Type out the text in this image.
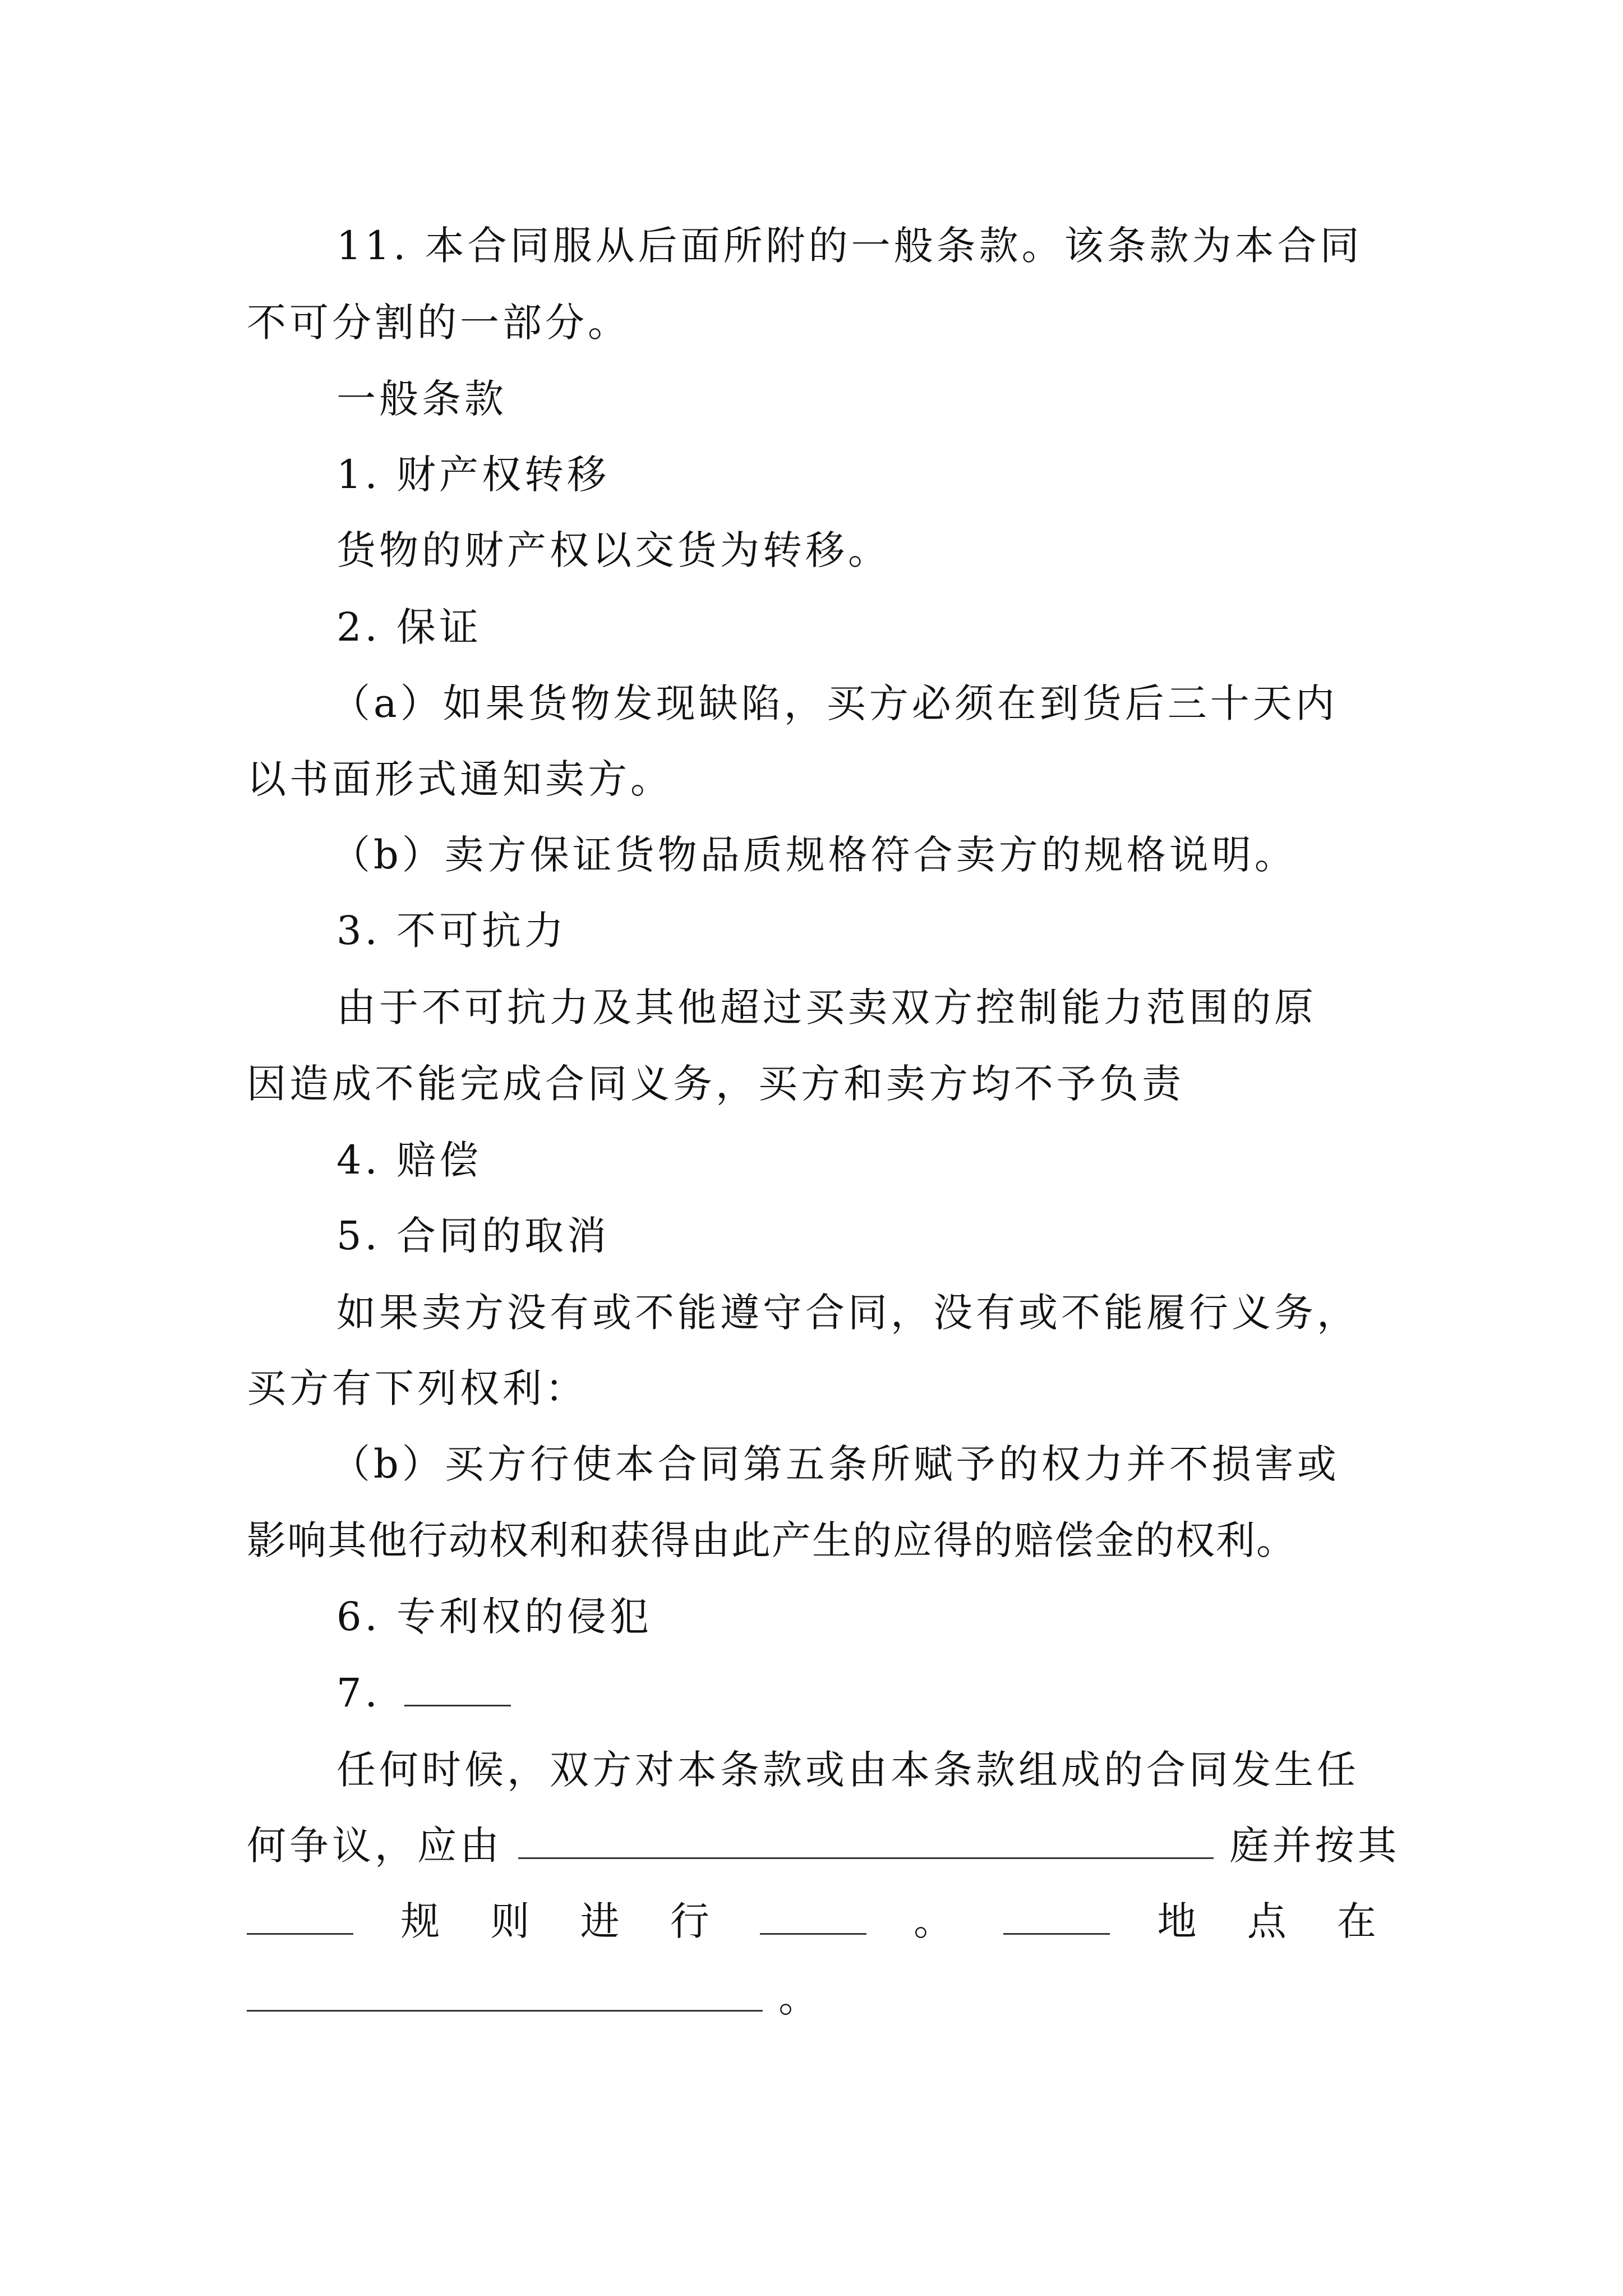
11. 本合同服从后面所附的一般条款。该条款为本合同
不可分割的一部分。
一般条款
1. 财产权转移
货物的财产权以交货为转移。
2. 保证
（a）如果货物发现缺陷，买方必须在到货后三十天内
以书面形式通知卖方。
（b）卖方保证货物品质规格符合卖方的规格说明。
3. 不可抗力
由于不可抗力及其他超过买卖双方控制能力范围的原
因造成不能完成合同义务，买方和卖方均不予负责
4. 赔偿
5. 合同的取消
如果卖方没有或不能遵守合同，没有或不能履行义务，
买方有下列权利：
（b）买方行使本合同第五条所赋予的权力并不损害或
影响其他行动权利和获得由此产生的应得的赔偿金的权利。
6. 专利权的侵犯
7.
任何时候，双方对本条款或由本条款组成的合同发生任
何争议，应由	庭并按其
规 则 进 行	。	地 点 在
。
